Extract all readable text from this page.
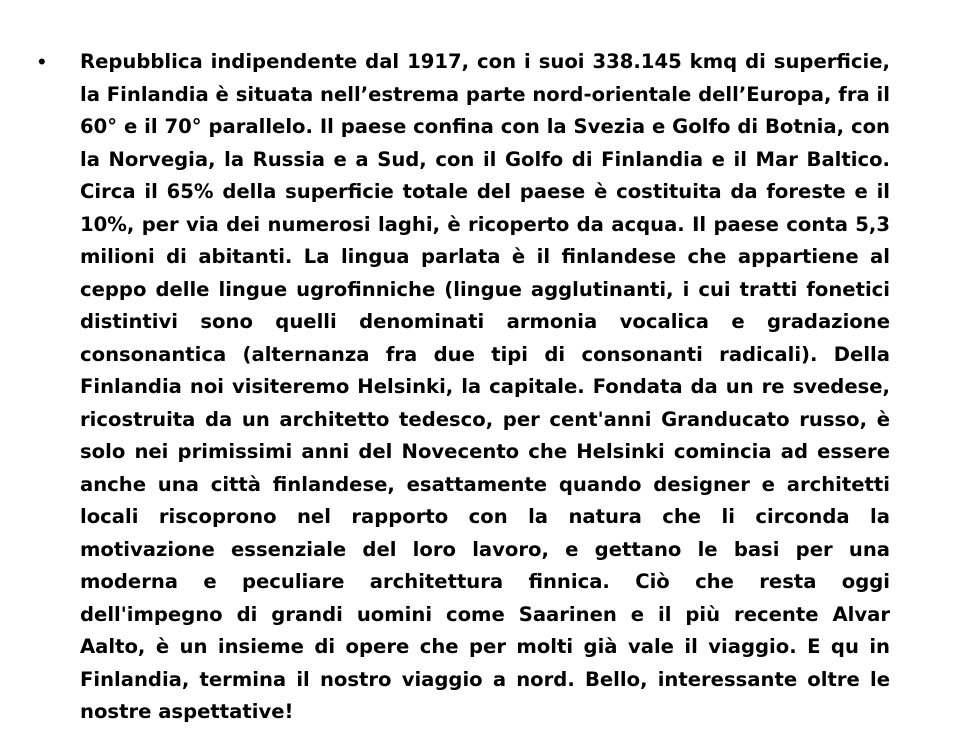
•	Repubblica indipendente dal 1917, con i suoi 338.145 kmq di superficie, la Finlandia è situata nell’estrema parte nord-orientale dell’Europa, fra il 60° e il 70° parallelo. Il paese confina con la Svezia e Golfo di Botnia, con la Norvegia, la Russia e a Sud, con il Golfo di Finlandia e il Mar Baltico. Circa il 65% della superficie totale del paese è costituita da foreste e il 10%, per via dei numerosi laghi, è ricoperto da acqua. Il paese conta 5,3 milioni di abitanti. La lingua parlata è il finlandese che appartiene al ceppo delle lingue ugrofinniche (lingue agglutinanti, i cui tratti fonetici distintivi sono quelli denominati armonia vocalica e gradazione consonantica (alternanza fra due tipi di consonanti radicali). Della Finlandia noi visiteremo Helsinki, la capitale. Fondata da un re svedese, ricostruita da un architetto tedesco, per cent'anni Granducato russo, è solo nei primissimi anni del Novecento che Helsinki comincia ad essere anche una città finlandese, esattamente quando designer e architetti locali riscoprono nel rapporto con la natura che li circonda la motivazione essenziale del loro lavoro, e gettano le basi per una moderna e peculiare architettura finnica. Ciò che resta oggi dell'impegno di grandi uomini come Saarinen e il più recente Alvar Aalto, è un insieme di opere che per molti già vale il viaggio. E qu in Finlandia, termina il nostro viaggio a nord. Bello, interessante oltre le nostre aspettative!
